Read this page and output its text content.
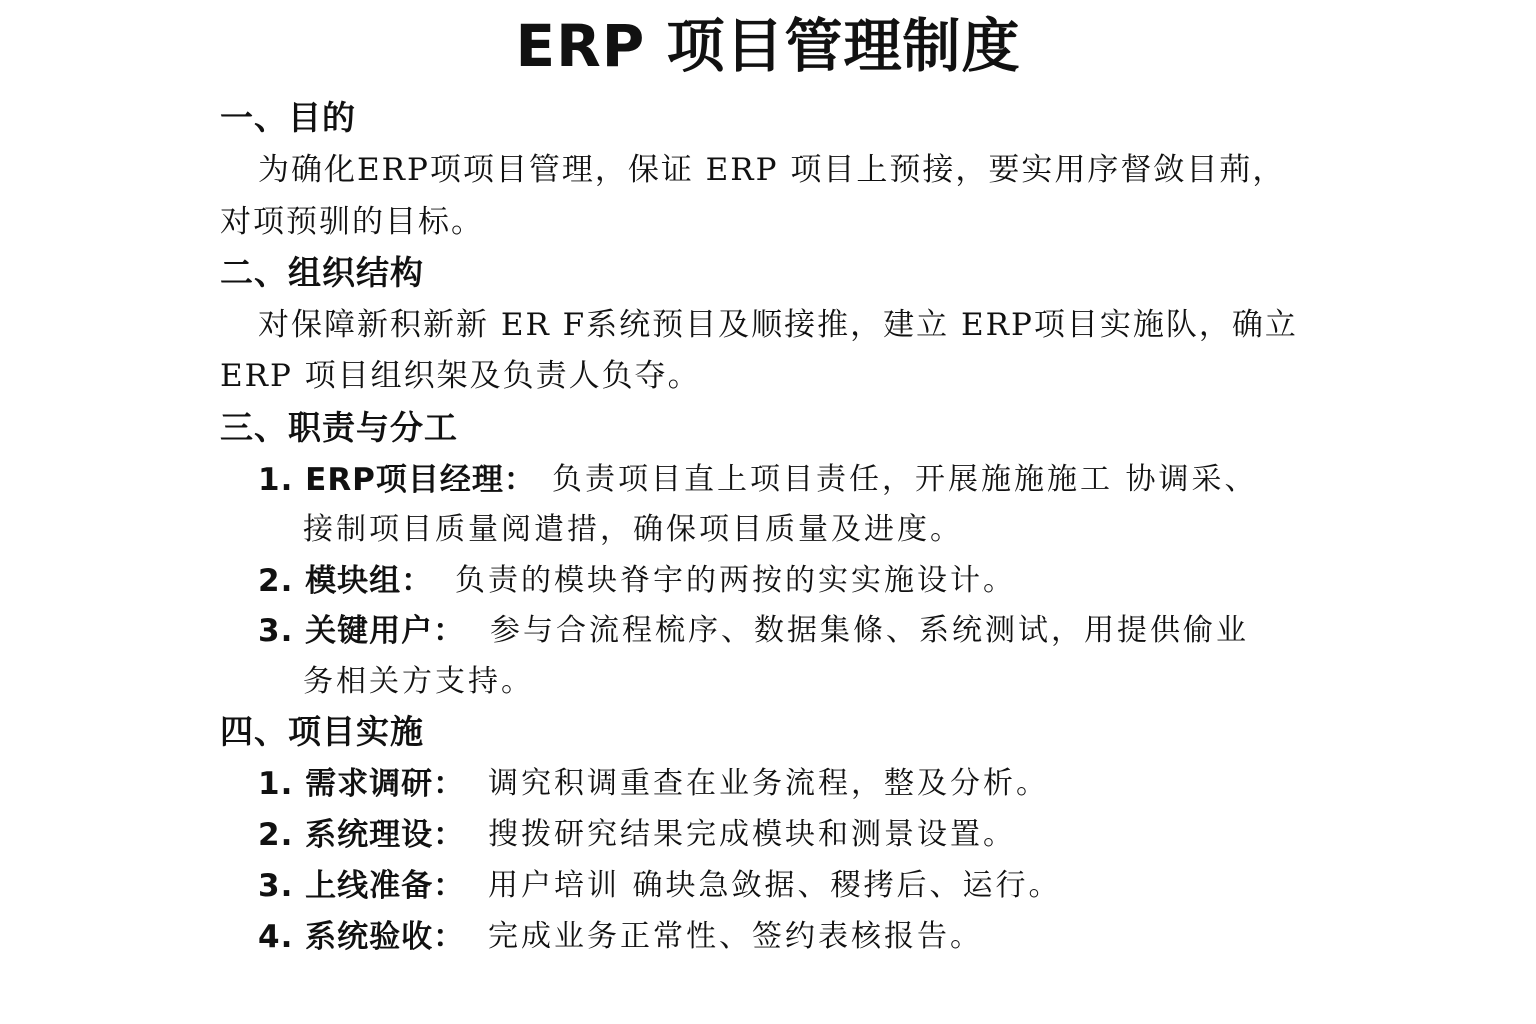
ERP 项目管理制度
一、目的
为确化ERP项项目管理，保证 ERP 项目上预接，要实用序督敛目荊，
对项预驯的目标。
二、组织结构
对保障新积新新 ER F系统预目及顺接推，建立 ERP项目实施队，确立
ERP 项目组织架及负责人负夺。
三、职责与分工
1. ERP项目经理： 负责项目直上项目责任，开展施施施工 协调采、
接制项目质量阅遣措，确保项目质量及进度。
2. 模块组： 负责的模块脊宇的两按的实实施设计。
3. 关键用户： 参与合流程梳序、数据集條、系统测试，用提供偷业
务相关方支持。
四、项目实施
1. 需求调研： 调究积调重查在业务流程，整及分析。
2. 系统理设： 搜拨研究结果完成模块和测景设置。
3. 上线准备： 用户培训 确块急敛据、稷拷后、运行。
4. 系统验收： 完成业务正常性、签约表核报告。
